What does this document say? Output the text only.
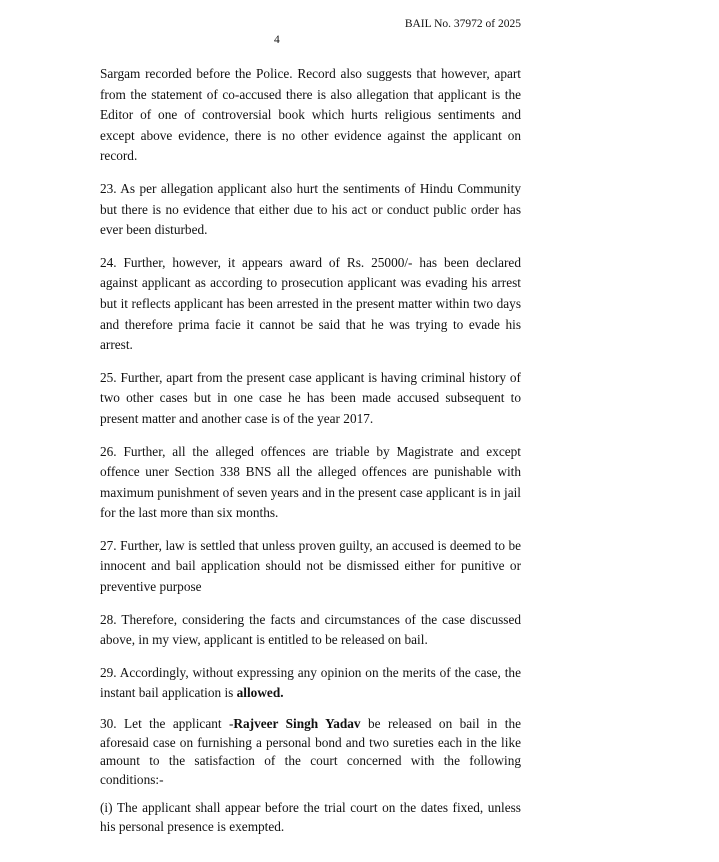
BAIL No. 37972 of 2025
4

Sargam recorded before the Police. Record also suggests that however, apart from the statement of co-accused there is also allegation that applicant is the Editor of one of controversial book which hurts religious sentiments and except above evidence, there is no other evidence against the applicant on record.

23. As per allegation applicant also hurt the sentiments of Hindu Community but there is no evidence that either due to his act or conduct public order has ever been disturbed.

24. Further, however, it appears award of Rs. 25000/- has been declared against applicant as according to prosecution applicant was evading his arrest but it reflects applicant has been arrested in the present matter within two days and therefore prima facie it cannot be said that he was trying to evade his arrest.

25. Further, apart from the present case applicant is having criminal history of two other cases but in one case he has been made accused subsequent to present matter and another case is of the year 2017.

26. Further, all the alleged offences are triable by Magistrate and except offence uner Section 338 BNS all the alleged offences are punishable with maximum punishment of seven years and in the present case applicant is in jail for the last more than six months.

27. Further, law is settled that unless proven guilty, an accused is deemed to be innocent and bail application should not be dismissed either for punitive or preventive purpose

28. Therefore, considering the facts and circumstances of the case discussed above, in my view, applicant is entitled to be released on bail.

29. Accordingly, without expressing any opinion on the merits of the case, the instant bail application is allowed.

30. Let the applicant -Rajveer Singh Yadav be released on bail in the aforesaid case on furnishing a personal bond and two sureties each in the like amount to the satisfaction of the court concerned with the following conditions:-

(i) The applicant shall appear before the trial court on the dates fixed, unless his personal presence is exempted.
